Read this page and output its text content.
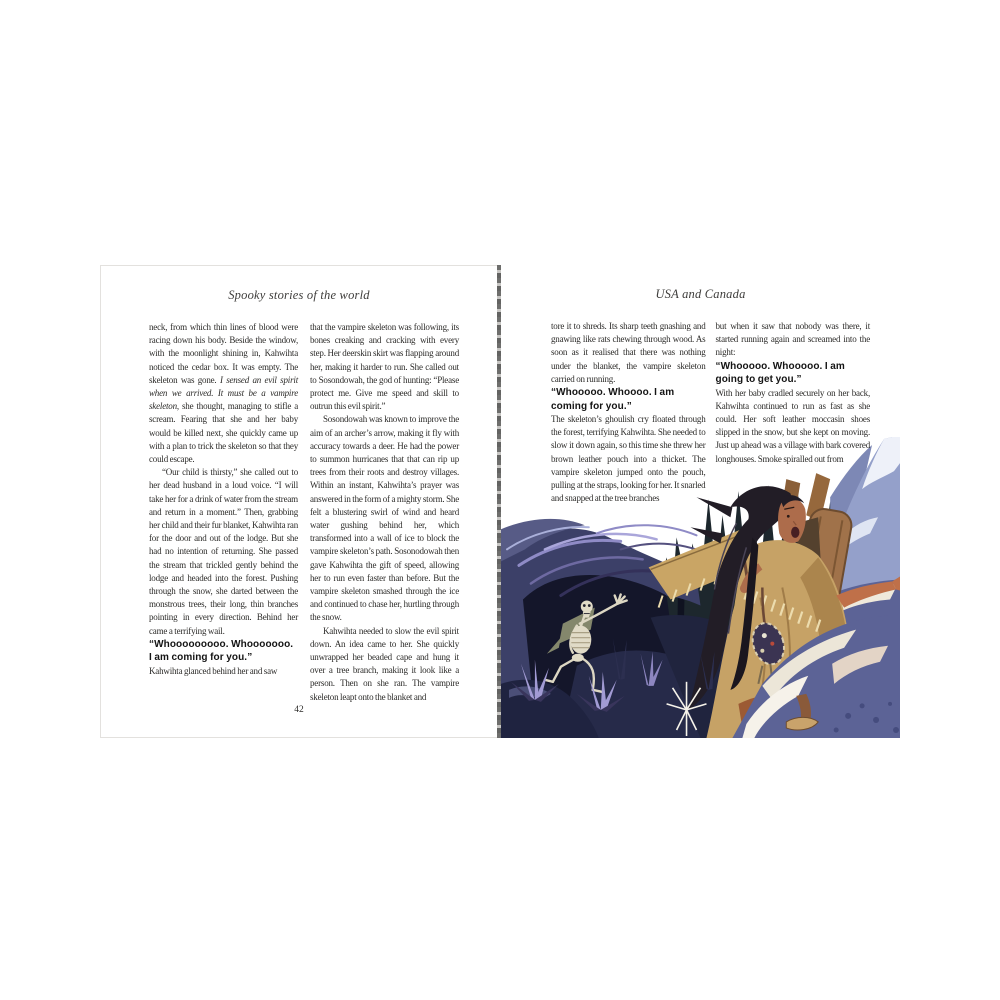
Spooky stories of the world

neck, from which thin lines of blood were racing down his body. Beside the window, with the moonlight shining in, Kahwihta noticed the cedar box. It was empty. The skeleton was gone. I sensed an evil spirit when we arrived. It must be a vampire skeleton, she thought, managing to stifle a scream. Fearing that she and her baby would be killed next, she quickly came up with a plan to trick the skeleton so that they could escape.

“Our child is thirsty,” she called out to her dead husband in a loud voice. “I will take her for a drink of water from the stream and return in a moment.” Then, grabbing her child and their fur blanket, Kahwihta ran for the door and out of the lodge. But she had no intention of returning. She passed the stream that trickled gently behind the lodge and headed into the forest. Pushing through the snow, she darted between the monstrous trees, their long, thin branches pointing in every direction. Behind her came a terrifying wail.

“Whooooooooo. Whooooooo. I am coming for you.”

Kahwihta glanced behind her and saw

that the vampire skeleton was following, its bones creaking and cracking with every step. Her deerskin skirt was flapping around her, making it harder to run. She called out to Sosondowah, the god of hunting: “Please protect me. Give me speed and skill to outrun this evil spirit.”

Sosondowah was known to improve the aim of an archer’s arrow, making it fly with accuracy towards a deer. He had the power to summon hurricanes that that can rip up trees from their roots and destroy villages. Within an instant, Kahwihta’s prayer was answered in the form of a mighty storm. She felt a blustering swirl of wind and heard water gushing behind her, which transformed into a wall of ice to block the vampire skeleton’s path. Sosonodowah then gave Kahwihta the gift of speed, allowing her to run even faster than before. But the vampire skeleton smashed through the ice and continued to chase her, hurtling through the snow.

Kahwihta needed to slow the evil spirit down. An idea came to her. She quickly unwrapped her beaded cape and hung it over a tree branch, making it look like a person. Then on she ran. The vampire skeleton leapt onto the blanket and

42
USA and Canada

tore it to shreds. Its sharp teeth gnashing and gnawing like rats chewing through wood. As soon as it realised that there was nothing under the blanket, the vampire skeleton carried on running.

“Whooooo. Whoooo. I am coming for you.”

The skeleton’s ghoulish cry floated through the forest, terrifying Kahwihta. She needed to slow it down again, so this time she threw her brown leather pouch into a thicket. The vampire skeleton jumped onto the pouch, pulling at the straps, looking for her. It snarled and snapped at the tree branches

but when it saw that nobody was there, it started running again and screamed into the night:

“Whooooo. Whooooo. I am going to get you.”

With her baby cradled securely on her back, Kahwihta continued to run as fast as she could. Her soft leather moccasin shoes slipped in the snow, but she kept on moving. Just up ahead was a village with bark covered longhouses. Smoke spiralled out from
